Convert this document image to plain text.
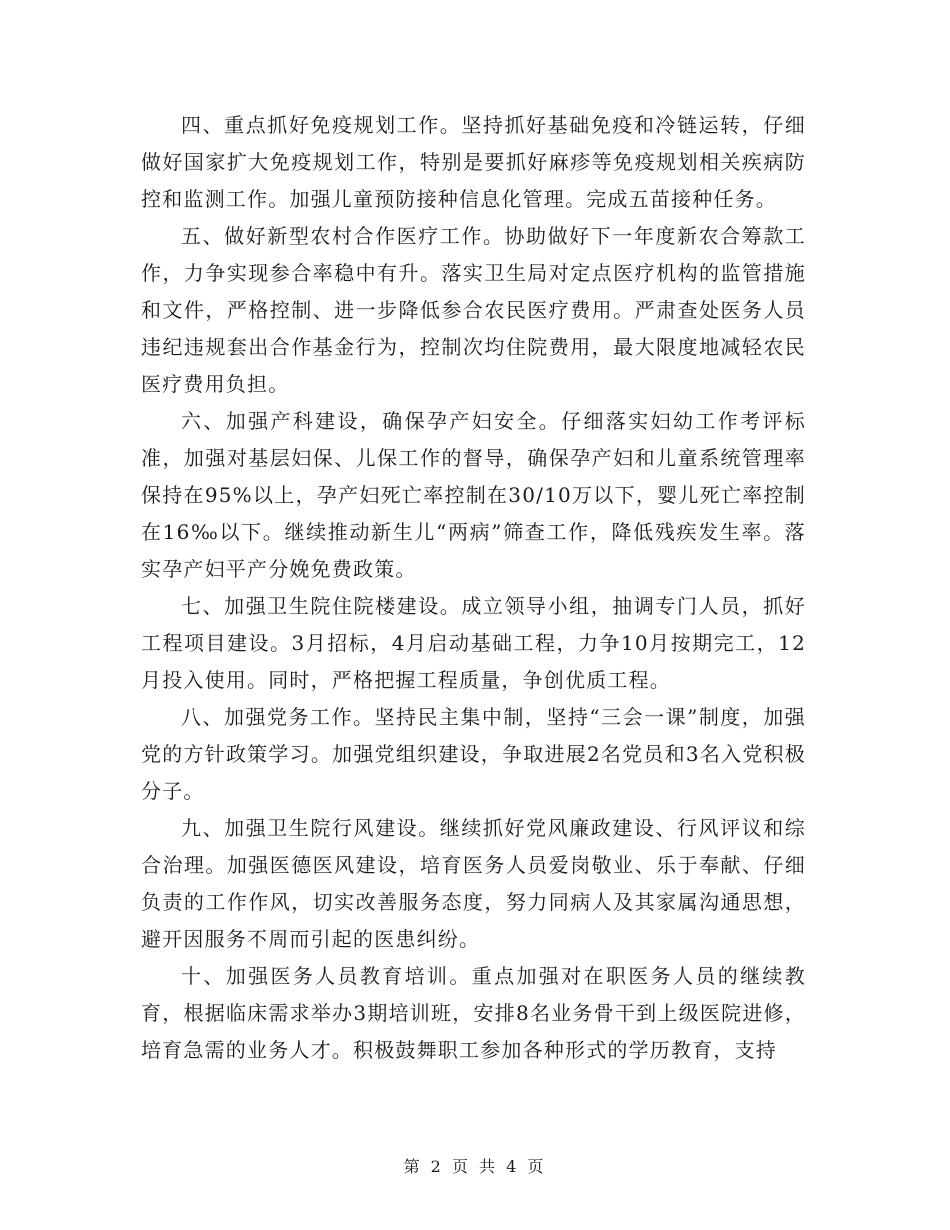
四、重点抓好免疫规划工作。坚持抓好基础免疫和冷链运转，仔细做好国家扩大免疫规划工作，特别是要抓好麻疹等免疫规划相关疾病防控和监测工作。加强儿童预防接种信息化管理。完成五苗接种任务。

五、做好新型农村合作医疗工作。协助做好下一年度新农合筹款工作，力争实现参合率稳中有升。落实卫生局对定点医疗机构的监管措施和文件，严格控制、进一步降低参合农民医疗费用。严肃查处医务人员违纪违规套出合作基金行为，控制次均住院费用，最大限度地减轻农民医疗费用负担。

六、加强产科建设，确保孕产妇安全。仔细落实妇幼工作考评标准，加强对基层妇保、儿保工作的督导，确保孕产妇和儿童系统管理率保持在95%以上，孕产妇死亡率控制在30/10万以下，婴儿死亡率控制在16‰以下。继续推动新生儿“两病”筛查工作，降低残疾发生率。落实孕产妇平产分娩免费政策。

七、加强卫生院住院楼建设。成立领导小组，抽调专门人员，抓好工程项目建设。3月招标，4月启动基础工程，力争10月按期完工，12月投入使用。同时，严格把握工程质量，争创优质工程。

八、加强党务工作。坚持民主集中制，坚持“三会一课”制度，加强党的方针政策学习。加强党组织建设，争取进展2名党员和3名入党积极分子。

九、加强卫生院行风建设。继续抓好党风廉政建设、行风评议和综合治理。加强医德医风建设，培育医务人员爱岗敬业、乐于奉献、仔细负责的工作作风，切实改善服务态度，努力同病人及其家属沟通思想，避开因服务不周而引起的医患纠纷。

十、加强医务人员教育培训。重点加强对在职医务人员的继续教育，根据临床需求举办3期培训班，安排8名业务骨干到上级医院进修，培育急需的业务人才。积极鼓舞职工参加各种形式的学历教育，支持

第 2 页 共 4 页
